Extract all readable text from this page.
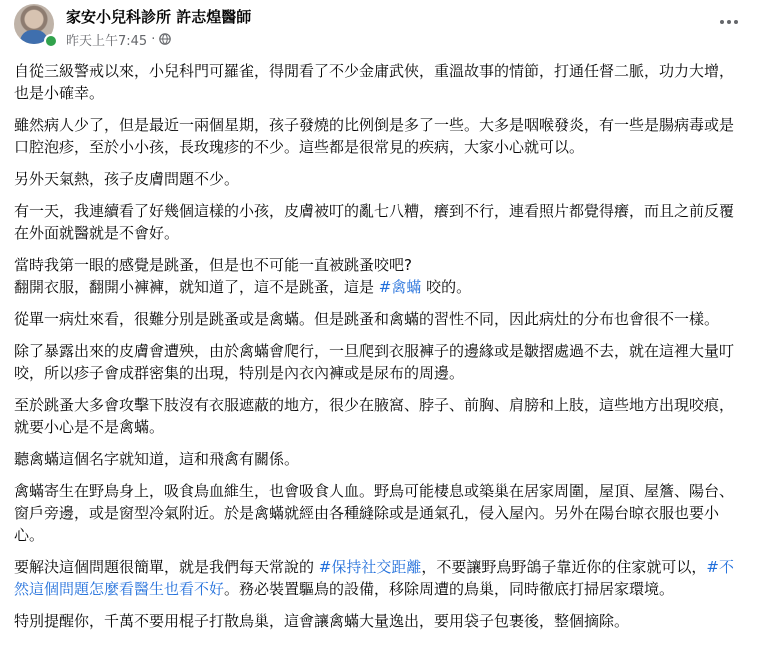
家安小兒科診所 許志煌醫師
昨天上午7:45 ·

自從三級警戒以來，小兒科門可羅雀，得閒看了不少金庸武俠，重溫故事的情節，打通任督二脈，功力大增，也是小確幸。

雖然病人少了，但是最近一兩個星期，孩子發燒的比例倒是多了一些。大多是咽喉發炎，有一些是腸病毒或是口腔泡疹，至於小小孩，長玫瑰疹的不少。這些都是很常見的疾病，大家小心就可以。

另外天氣熱，孩子皮膚問題不少。

有一天，我連續看了好幾個這樣的小孩，皮膚被叮的亂七八糟，癢到不行，連看照片都覺得癢，而且之前反覆在外面就醫就是不會好。

當時我第一眼的感覺是跳蚤，但是也不可能一直被跳蚤咬吧?
翻開衣服，翻開小褲褲，就知道了，這不是跳蚤，這是 #禽蟎 咬的。

從單一病灶來看，很難分別是跳蚤或是禽蟎。但是跳蚤和禽蟎的習性不同，因此病灶的分布也會很不一樣。

除了暴露出來的皮膚會遭殃，由於禽蟎會爬行，一旦爬到衣服褲子的邊緣或是皺摺處過不去，就在這裡大量叮咬，所以疹子會成群密集的出現，特別是內衣內褲或是尿布的周邊。

至於跳蚤大多會攻擊下肢沒有衣服遮蔽的地方，很少在腋窩、脖子、前胸、肩膀和上肢，這些地方出現咬痕，就要小心是不是禽蟎。

聽禽蟎這個名字就知道，這和飛禽有關係。

禽蟎寄生在野鳥身上，吸食鳥血維生，也會吸食人血。野鳥可能棲息或築巢在居家周圍，屋頂、屋簷、陽台、窗戶旁邊，或是窗型冷氣附近。於是禽蟎就經由各種縫除或是通氣孔，侵入屋內。另外在陽台晾衣服也要小心。

要解決這個問題很簡單，就是我們每天常說的 #保持社交距離，不要讓野鳥野鴿子靠近你的住家就可以，#不然這個問題怎麼看醫生也看不好。務必裝置驅鳥的設備，移除周遭的鳥巢，同時徹底打掃居家環境。

特別提醒你，千萬不要用棍子打散鳥巢，這會讓禽蟎大量逸出，要用袋子包裹後，整個摘除。
